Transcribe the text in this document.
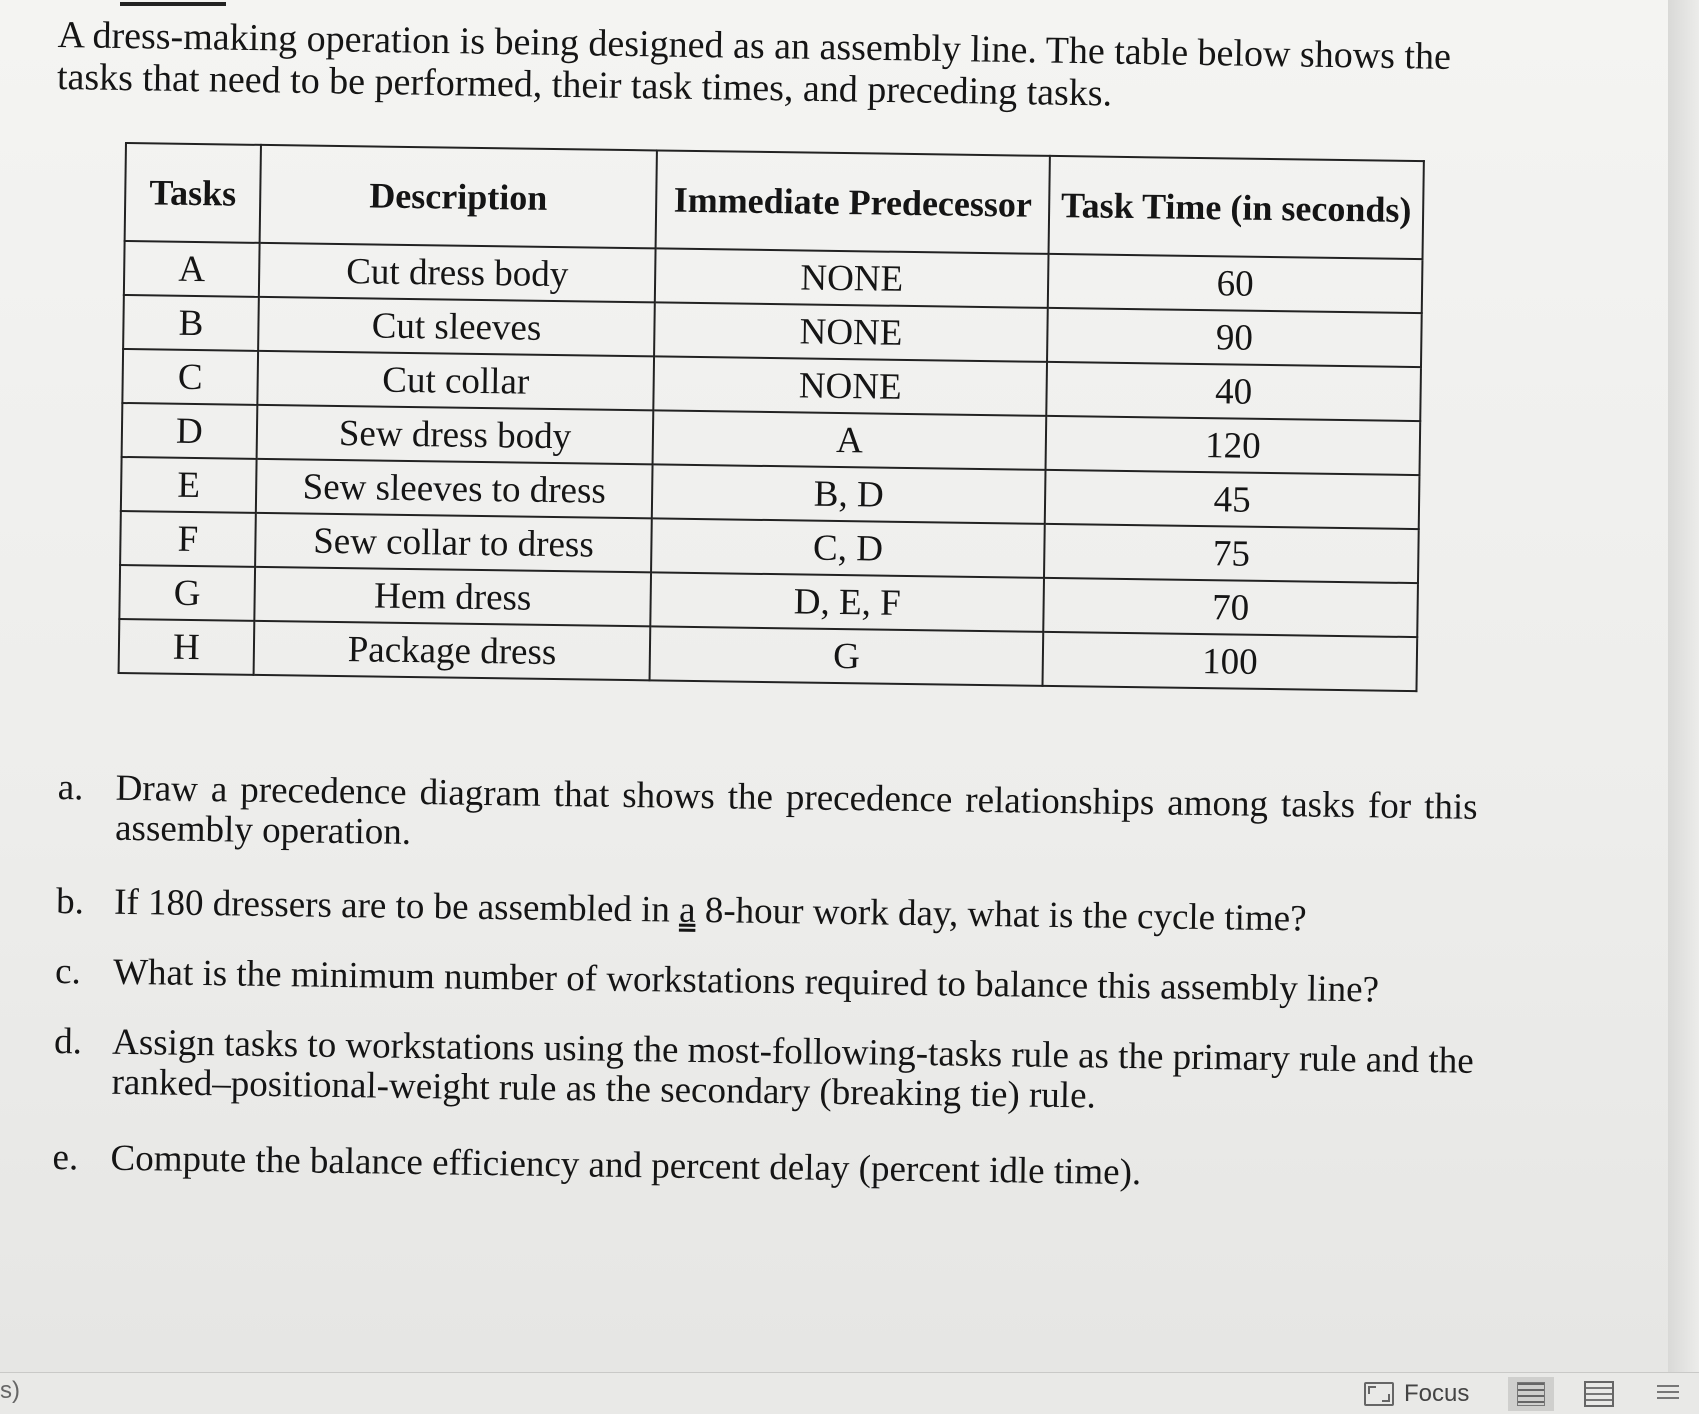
A dress-making operation is being designed as an assembly line. The table below shows the tasks that need to be performed, their task times, and preceding tasks.

Tasks	Description	Immediate Predecessor	Task Time (in seconds)
A	Cut dress body	NONE	60
B	Cut sleeves	NONE	90
C	Cut collar	NONE	40
D	Sew dress body	A	120
E	Sew sleeves to dress	B, D	45
F	Sew collar to dress	C, D	75
G	Hem dress	D, E, F	70
H	Package dress	G	100
a. Draw a precedence diagram that shows the precedence relationships among tasks for this assembly operation.
b. If 180 dressers are to be assembled in a 8-hour work day, what is the cycle time?
c. What is the minimum number of workstations required to balance this assembly line?
d. Assign tasks to workstations using the most-following-tasks rule as the primary rule and the ranked–positional-weight rule as the secondary (breaking tie) rule.
e. Compute the balance efficiency and percent delay (percent idle time).
s)	Focus
